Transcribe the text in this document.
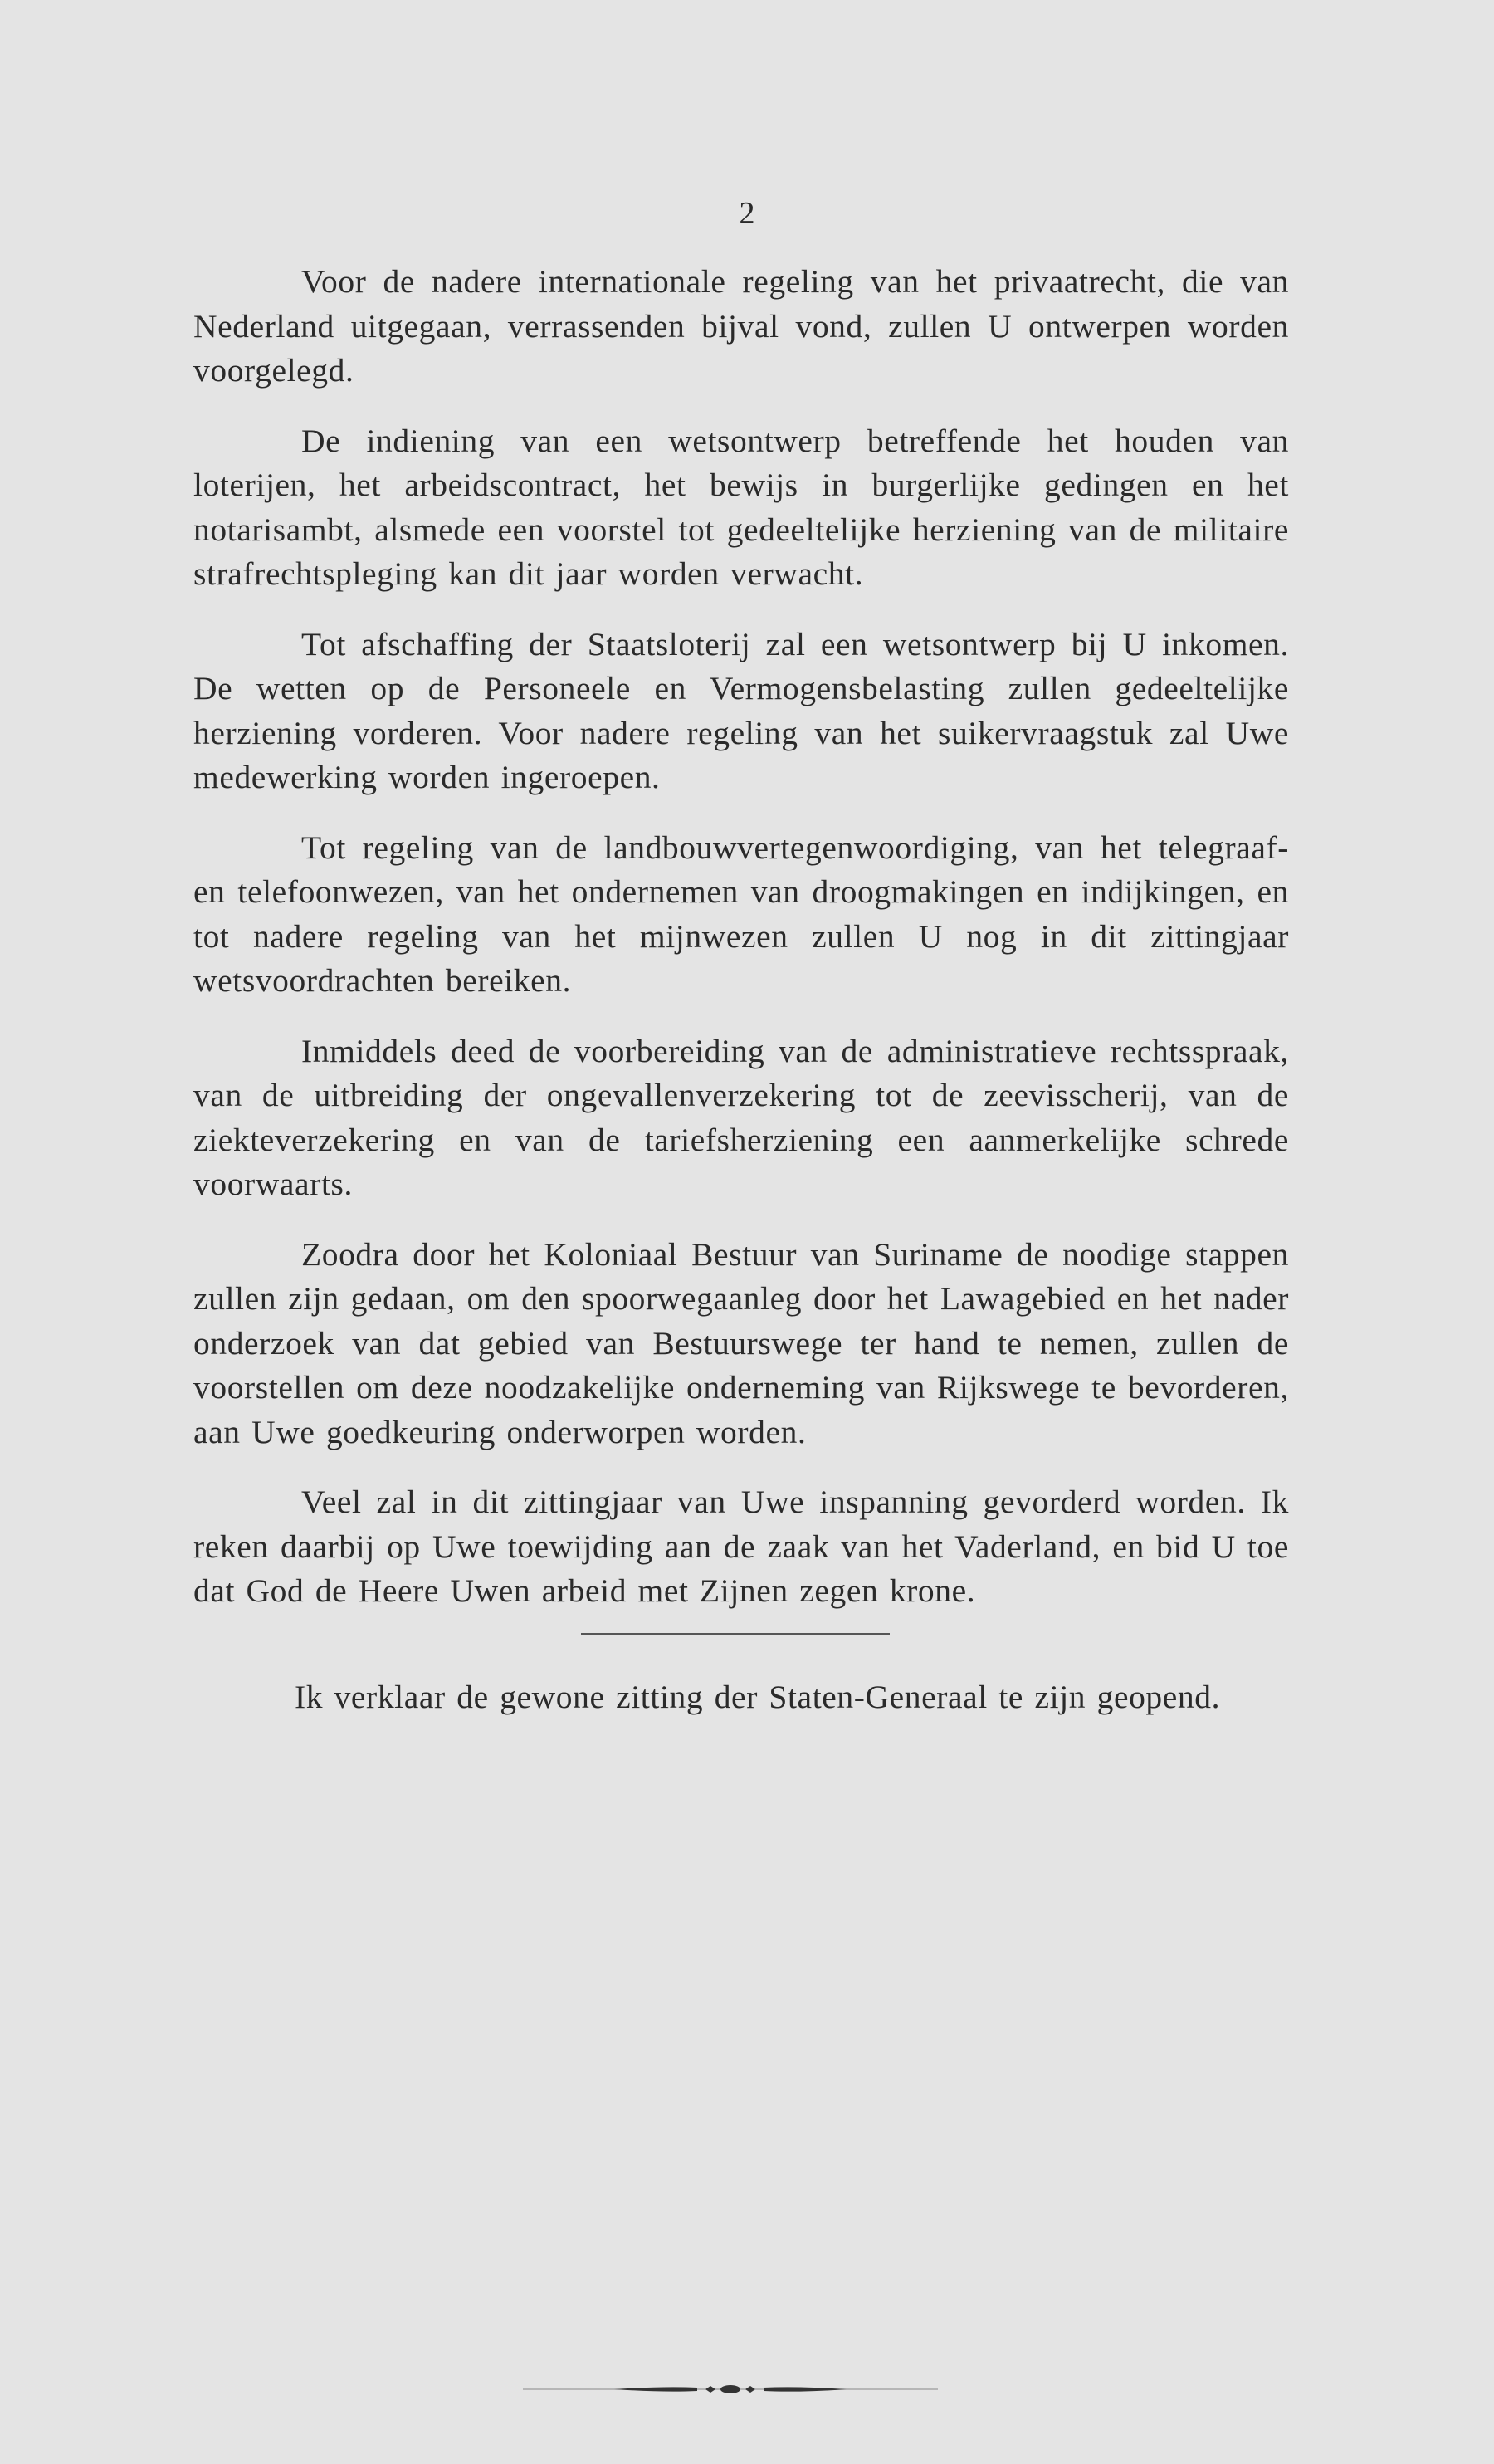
2

Voor de nadere internationale regeling van het privaatrecht, die van Nederland uitgegaan, verrassenden bijval vond, zullen U ontwerpen worden voorgelegd.

De indiening van een wetsontwerp betreffende het houden van loterijen, het arbeidscontract, het bewijs in burgerlijke gedingen en het notarisambt, alsmede een voorstel tot gedeeltelijke herziening van de militaire strafrechtspleging kan dit jaar worden verwacht.

Tot afschaffing der Staatsloterij zal een wetsontwerp bij U inkomen. De wetten op de Personeele en Vermogensbelasting zullen gedeeltelijke herziening vorderen. Voor nadere regeling van het suikervraagstuk zal Uwe medewerking worden ingeroepen.

Tot regeling van de landbouwvertegenwoordiging, van het telegraaf- en telefoonwezen, van het ondernemen van droogmakingen en indijkingen, en tot nadere regeling van het mijnwezen zullen U nog in dit zittingjaar wetsvoordrachten bereiken.

Inmiddels deed de voorbereiding van de administratieve rechtsspraak, van de uitbreiding der ongevallenverzekering tot de zeevisscherij, van de ziekteverzekering en van de tariefsherziening een aanmerkelijke schrede voorwaarts.

Zoodra door het Koloniaal Bestuur van Suriname de noodige stappen zullen zijn gedaan, om den spoorwegaanleg door het Lawagebied en het nader onderzoek van dat gebied van Bestuurswege ter hand te nemen, zullen de voorstellen om deze noodzakelijke onderneming van Rijkswege te bevorderen, aan Uwe goedkeuring onderworpen worden.

Veel zal in dit zittingjaar van Uwe inspanning gevorderd worden. Ik reken daarbij op Uwe toewijding aan de zaak van het Vaderland, en bid U toe dat God de Heere Uwen arbeid met Zijnen zegen krone.

Ik verklaar de gewone zitting der Staten-Generaal te zijn geopend.
